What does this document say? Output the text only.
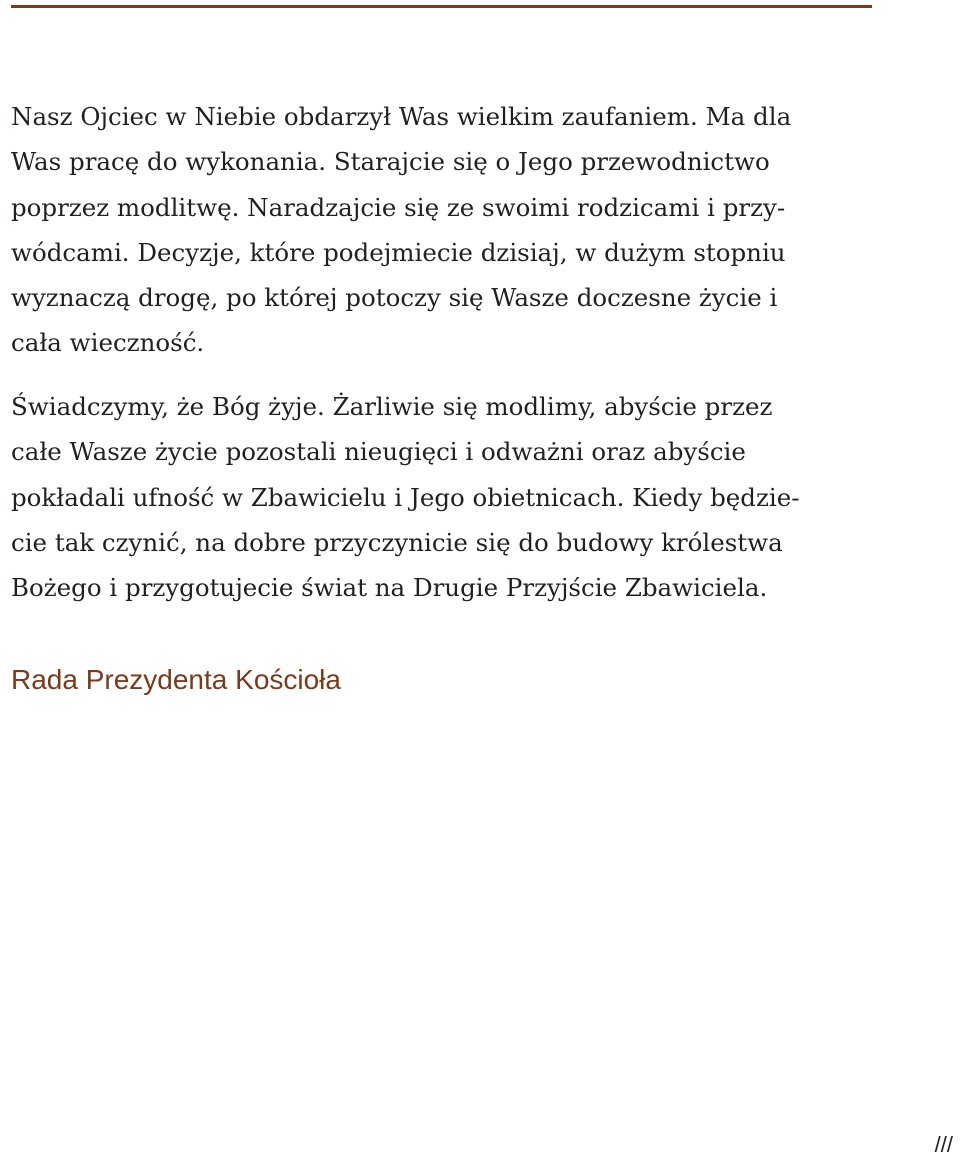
Nasz Ojciec w Niebie obdarzył Was wielkim zaufaniem. Ma dla
Was pracę do wykonania. Starajcie się o Jego przewodnictwo
poprzez modlitwę. Naradzajcie się ze swoimi rodzicami i przy-
wódcami. Decyzje, które podejmiecie dzisiaj, w dużym stopniu
wyznaczą drogę, po której potoczy się Wasze doczesne życie i
cała wieczność.

Świadczymy, że Bóg żyje. Żarliwie się modlimy, abyście przez
całe Wasze życie pozostali nieugięci i odważni oraz abyście
pokładali ufność w Zbawicielu i Jego obietnicach. Kiedy będzie-
cie tak czynić, na dobre przyczynicie się do budowy królestwa
Bożego i przygotujecie świat na Drugie Przyjście Zbawiciela.

Rada Prezydenta Kościoła

///
